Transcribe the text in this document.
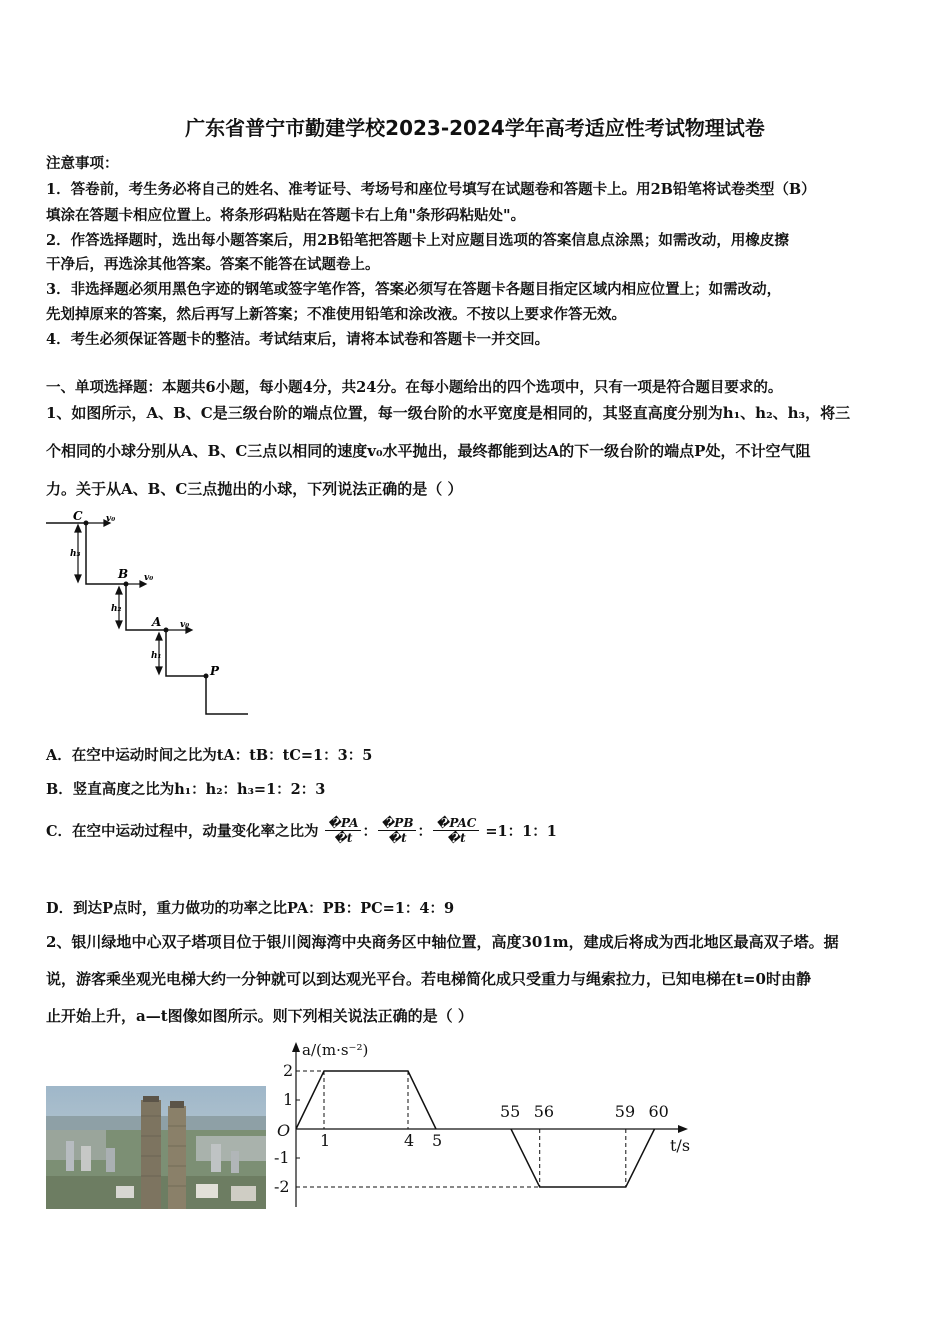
广东省普宁市勤建学校2023-2024学年高考适应性考试物理试卷
注意事项：
1．答卷前，考生务必将自己的姓名、准考证号、考场号和座位号填写在试题卷和答题卡上。用2B铅笔将试卷类型（B）
填涂在答题卡相应位置上。将条形码粘贴在答题卡右上角"条形码粘贴处"。
2．作答选择题时，选出每小题答案后，用2B铅笔把答题卡上对应题目选项的答案信息点涂黑；如需改动，用橡皮擦
干净后，再选涂其他答案。答案不能答在试题卷上。
3．非选择题必须用黑色字迹的钢笔或签字笔作答，答案必须写在答题卡各题目指定区域内相应位置上；如需改动，
先划掉原来的答案，然后再写上新答案；不准使用铅笔和涂改液。不按以上要求作答无效。
4．考生必须保证答题卡的整洁。考试结束后，请将本试卷和答题卡一并交回。
一、单项选择题：本题共6小题，每小题4分，共24分。在每小题给出的四个选项中，只有一项是符合题目要求的。
1、如图所示，A、B、C是三级台阶的端点位置，每一级台阶的水平宽度是相同的，其竖直高度分别为h₁、h₂、h₃，将三
个相同的小球分别从A、B、C三点以相同的速度v₀水平抛出，最终都能到达A的下一级台阶的端点P处，不计空气阻
力。关于从A、B、C三点抛出的小球，下列说法正确的是（ ）
C	v₀
h₃
B v₀
h₂
A v₀
h₁
P
A．在空中运动时间之比为tA：tB：tC=1：3：5
B．竖直高度之比为h₁：h₂：h₃=1：2：3
C．在空中运动过程中，动量变化率之比为 $\frac{�PA}{�t}$ ： $\frac{�PB}{�t}$ ： $\frac{\text{�PAC}}{�t} =1$：1：1
D．到达P点时，重力做功的功率之比PA：PB：PC=1：4：9
2、银川绿地中心双子塔项目位于银川阅海湾中央商务区中轴位置，高度301m，建成后将成为西北地区最高双子塔。据
说，游客乘坐观光电梯大约一分钟就可以到达观光平台。若电梯简化成只受重力与绳索拉力，已知电梯在t=0时由静
止开始上升，a—t图像如图所示。则下列相关说法正确的是（ ）
a/(m·s⁻²)
t/s
O
2
1
-1
-2
1	4 5
55 56	59 60
